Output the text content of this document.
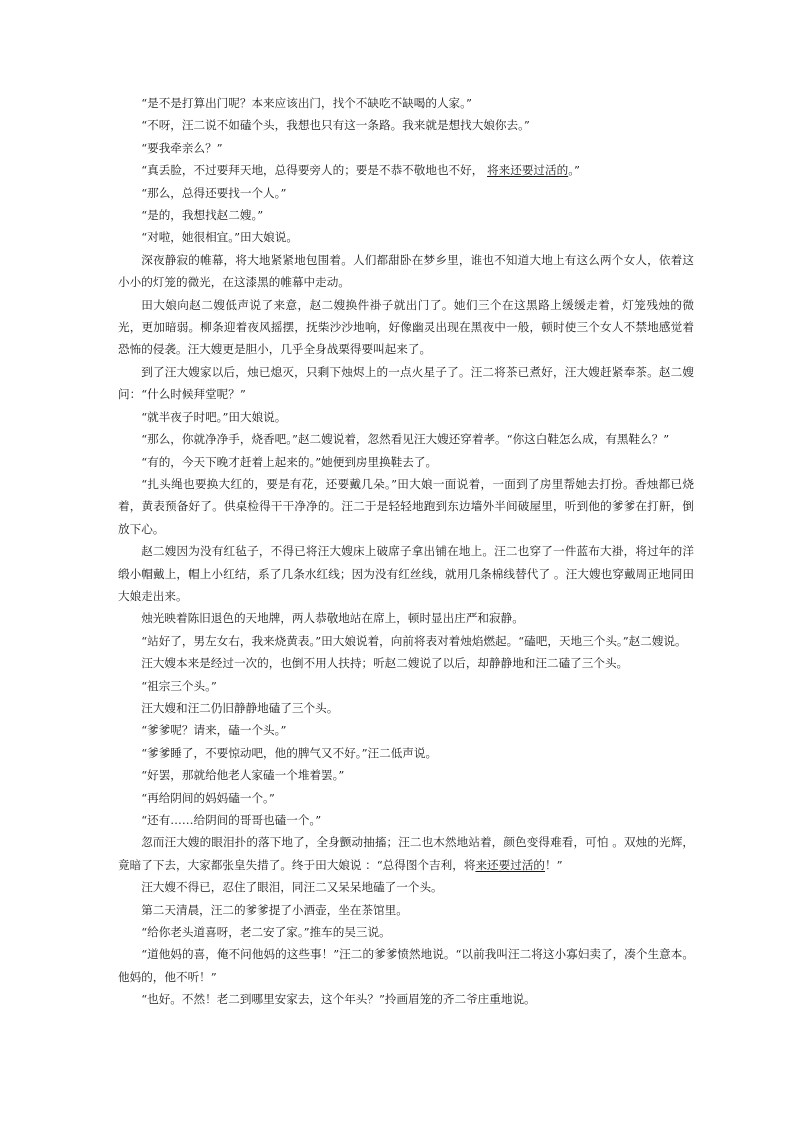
“是不是打算出门呢？本来应该出门，找个不缺吃不缺喝的人家。”

“不呀，汪二说不如磕个头，我想也只有这一条路。我来就是想找大娘你去。”

“要我牵亲么？”

“真丢脸，不过要拜天地，总得要旁人的；要是不恭不敬地也不好， 将来还要过活的。”

“那么，总得还要找一个人。”

“是的，我想找赵二嫂。”

“对啦，她很相宜。”田大娘说。

深夜静寂的帷幕，将大地紧紧地包围着。人们都甜卧在梦乡里，谁也不知道大地上有这么两个女人，依着这小小的灯笼的微光，在这漆黑的帷幕中走动。

田大娘向赵二嫂低声说了来意，赵二嫂换件褂子就出门了。她们三个在这黑路上缓缓走着，灯笼残烛的微光，更加暗弱。柳条迎着夜风摇摆，抚柴沙沙地响，好像幽灵出现在黑夜中一般，顿时使三个女人不禁地感觉着恐怖的侵袭。汪大嫂更是胆小，几乎全身战栗得要叫起来了。

到了汪大嫂家以后，烛已熄灭，只剩下烛烬上的一点火星子了。汪二将茶已煮好，汪大嫂赶紧奉茶。赵二嫂问：“什么时候拜堂呢？”

“就半夜子时吧。”田大娘说。

“那么，你就净净手，烧香吧。”赵二嫂说着，忽然看见汪大嫂还穿着孝。“你这白鞋怎么成，有黑鞋么？”

“有的，今天下晚才赶着上起来的。”她便到房里换鞋去了。

“扎头绳也要换大红的，要是有花，还要戴几朵。”田大娘一面说着，一面到了房里帮她去打扮。香烛都已烧着，黄表预备好了。供桌检得干干净净的。汪二于是轻轻地跑到东边墙外半间破屋里，听到他的爹爹在打鼾，倒放下心。

赵二嫂因为没有红毡子，不得已将汪大嫂床上破席子拿出铺在地上。汪二也穿了一件蓝布大褂，将过年的洋缎小帽戴上，帽上小红结，系了几条水红线；因为没有红丝线，就用几条棉线替代了 。汪大嫂也穿戴周正地同田大娘走出来。

烛光映着陈旧退色的天地牌，两人恭敬地站在席上，顿时显出庄严和寂静。

“站好了，男左女右，我来烧黄表。”田大娘说着，向前将表对着烛焰燃起。“磕吧，天地三个头。”赵二嫂说。

汪大嫂本来是经过一次的，也倒不用人扶持；听赵二嫂说了以后，却静静地和汪二磕了三个头。

“祖宗三个头。”

汪大嫂和汪二仍旧静静地磕了三个头。

“爹爹呢？请来，磕一个头。”

“爹爹睡了，不要惊动吧，他的脾气又不好。”汪二低声说。

“好罢，那就给他老人家磕一个堆着罢。”

“再给阴间的妈妈磕一个。”

“还有……给阴间的哥哥也磕一个。”

忽而汪大嫂的眼泪扑的落下地了，全身颤动抽搐；汪二也木然地站着，颜色变得难看，可怕 。双烛的光辉，竟暗了下去，大家都张皇失措了。终于田大娘说 ：“总得图个吉利，将来还要过活的！”

汪大嫂不得已，忍住了眼泪，同汪二又呆呆地磕了一个头。

第二天清晨，汪二的爹爹提了小酒壶，坐在茶馆里。

“给你老头道喜呀，老二安了家。”推车的吴三说。

“道他妈的喜，俺不问他妈的这些事！”汪二的爹爹愤然地说。“以前我叫汪二将这小寡妇卖了，凑个生意本。他妈的，他不听！”

“也好。不然！老二到哪里安家去，这个年头？”拎画眉笼的齐二爷庄重地说。
